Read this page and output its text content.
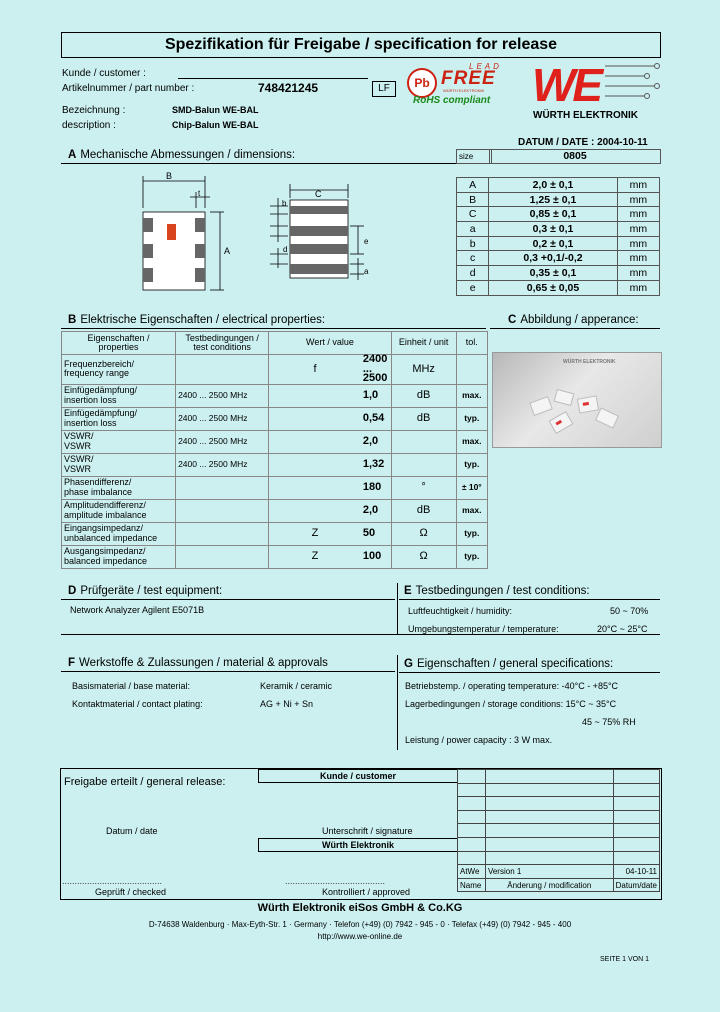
Spezifikation für Freigabe / specification for release
Kunde / customer :
Artikelnummer / part number :	748421245	LF
Bezeichnung :	SMD-Balun WE-BAL
description :	Chip-Balun WE-BAL
Pb
LEAD
FREE
WÜRTH ELEKTRONIK
RoHS compliant WE
WÜRTH ELEKTRONIK
DATUM / DATE : 2004-10-11
A Mechanische Abmessungen / dimensions:	size	0805
B
t
A
C
b
d
e
a
A	2,0 ± 0,1	mm
B	1,25 ± 0,1	mm
C	0,85 ± 0,1	mm
a	0,3 ± 0,1	mm
b	0,2 ± 0,1	mm
c	0,3 +0,1/-0,2	mm
d	0,35 ± 0,1	mm
e	0,65 ± 0,05	mm
B Elektrische Eigenschaften / electrical properties:	C Abbildung / apperance:
Eigenschaften /
properties	Testbedingungen /
test conditions	Wert / value		Einheit / unit	tol.
Frequenzbereich/
frequency range		f	2400 ... 2500	MHz	
Einfügedämpfung/
insertion loss	2400 ... 2500 MHz		1,0	dB	max.
Einfügedämpfung/
insertion loss	2400 ... 2500 MHz		0,54	dB	typ.
VSWR/
VSWR	2400 ... 2500 MHz		2,0		max.
VSWR/
VSWR	2400 ... 2500 MHz		1,32		typ.
Phasendifferenz/
phase imbalance			180	°	± 10°
Amplitudendifferenz/
amplitude imbalance			2,0	dB	max.
Eingangsimpedanz/
unbalanced impedance		Z	50	Ω	typ.
Ausgangsimpedanz/
balanced impedance		Z	100	Ω	typ.
WÜRTH ELEKTRONIK
D Prüfgeräte / test equipment:
Network Analyzer Agilent E5071B
E Testbedingungen / test conditions:
Luftfeuchtigkeit / humidity:	50 ~ 70%
Umgebungstemperatur / temperature:	20°C ~ 25°C
F Werkstoffe & Zulassungen / material & approvals
Basismaterial / base material:	Keramik / ceramic
Kontaktmaterial / contact plating:	AG + Ni + Sn
G Eigenschaften / general specifications:
Betriebstemp. / operating temperature: -40°C - +85°C
Lagerbedingungen / storage conditions: 15°C ~ 35°C
45 ~ 75% RH
Leistung / power capacity : 3 W max.
Freigabe erteilt / general release:	Kunde / customer
Datum / date	Unterschrift / signature
Würth Elektronik
........................................	........................................
Geprüft / checked	Kontrolliert / approved

AtWe	Version 1	04-10-11
Name	Änderung / modification	Datum/date
Würth Elektronik eiSos GmbH & Co.KG
D-74638 Waldenburg · Max-Eyth-Str. 1 · Germany · Telefon (+49) (0) 7942 - 945 - 0 · Telefax (+49) (0) 7942 - 945 - 400
http://www.we-online.de
SEITE 1 VON 1
